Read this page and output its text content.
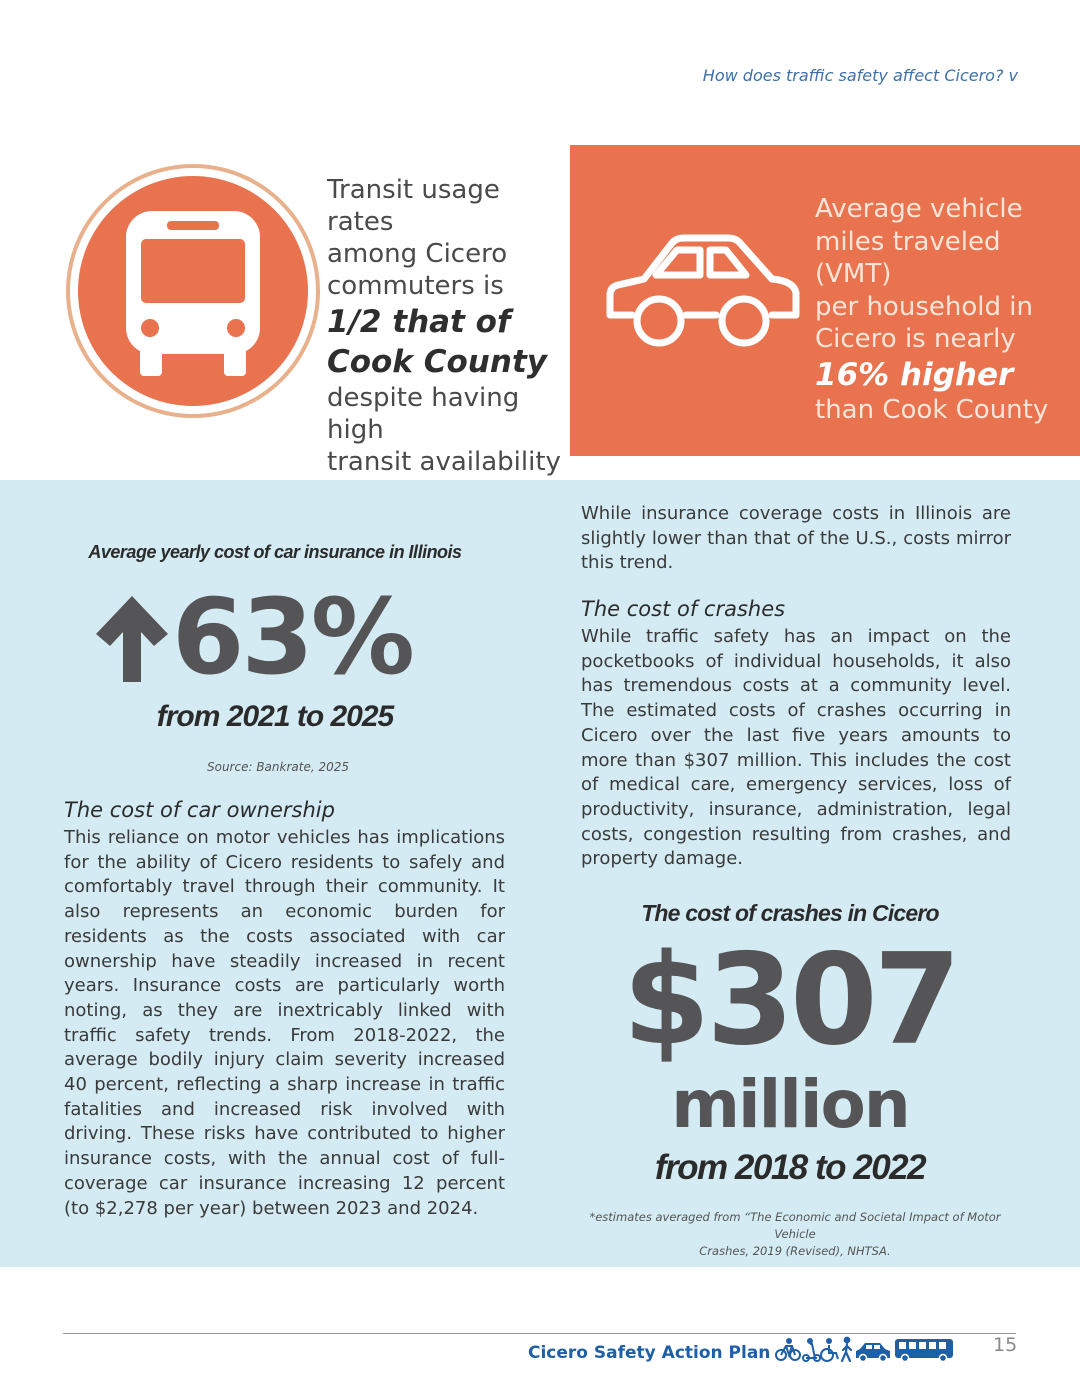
How does traffic safety affect Cicero? v
Transit usage rates
among Cicero
commuters is
1/2 that of
Cook County
despite having high
transit availability
Average vehicle
miles traveled (VMT)
per household in
Cicero is nearly
16% higher
than Cook County
Average yearly cost of car insurance in Illinois
63%
from 2021 to 2025
Source: Bankrate, 2025
The cost of car ownership

This reliance on motor vehicles has implications for the ability of Cicero residents to safely and comfortably travel through their community. It also represents an economic burden for residents as the costs associated with car ownership have steadily increased in recent years. Insurance costs are particularly worth noting, as they are inextricably linked with traffic safety trends. From 2018-2022, the average bodily injury claim severity increased 40 percent, reflecting a sharp increase in traffic fatalities and increased risk involved with driving. These risks have contributed to higher insurance costs, with the annual cost of full-coverage car insurance increasing 12 percent (to $2,278 per year) between 2023 and 2024.

While insurance coverage costs in Illinois are slightly lower than that of the U.S., costs mirror this trend.

The cost of crashes

While traffic safety has an impact on the pocketbooks of individual households, it also has tremendous costs at a community level. The estimated costs of crashes occurring in Cicero over the last five years amounts to more than $307 million. This includes the cost of medical care, emergency services, loss of productivity, insurance, administration, legal costs, congestion resulting from crashes, and property damage.

The cost of crashes in Cicero
$307
million
from 2018 to 2022
*estimates averaged from “The Economic and Societal Impact of Motor Vehicle
Crashes, 2019 (Revised), NHTSA.
Cicero Safety Action Plan	15
